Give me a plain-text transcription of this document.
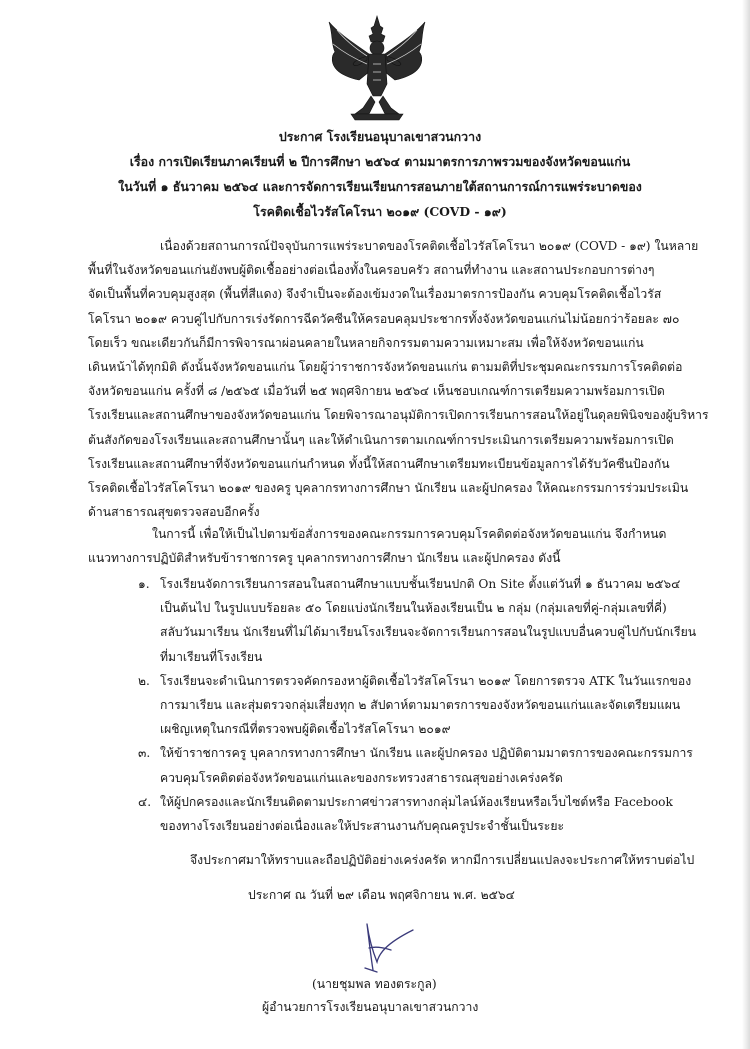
ประกาศ โรงเรียนอนุบาลเขาสวนกวาง
เรื่อง การเปิดเรียนภาคเรียนที่ ๒ ปีการศึกษา ๒๕๖๔ ตามมาตรการภาพรวมของจังหวัดขอนแก่น
ในวันที่ ๑ ธันวาคม ๒๕๖๔ และการจัดการเรียนเรียนการสอนภายใต้สถานการณ์การแพร่ระบาดของ
โรคติดเชื้อไวรัสโคโรนา ๒๐๑๙ (COVD - ๑๙)
เนื่องด้วยสถานการณ์ปัจจุบันการแพร่ระบาดของโรคติดเชื้อไวรัสโคโรนา ๒๐๑๙ (COVD - ๑๙) ในหลาย
พื้นที่ในจังหวัดขอนแก่นยังพบผู้ติดเชื้ออย่างต่อเนื่องทั้งในครอบครัว สถานที่ทำงาน และสถานประกอบการต่างๆ
จัดเป็นพื้นที่ควบคุมสูงสุด (พื้นที่สีแดง) จึงจำเป็นจะต้องเข้มงวดในเรื่องมาตรการป้องกัน ควบคุมโรคติดเชื้อไวรัส
โคโรนา ๒๐๑๙ ควบคู่ไปกับการเร่งรัดการฉีดวัคซีนให้ครอบคลุมประชากรทั้งจังหวัดขอนแก่นไม่น้อยกว่าร้อยละ ๗๐
โดยเร็ว ขณะเดียวกันก็มีการพิจารณาผ่อนคลายในหลายกิจกรรมตามความเหมาะสม เพื่อให้จังหวัดขอนแก่น
เดินหน้าได้ทุกมิติ ดังนั้นจังหวัดขอนแก่น โดยผู้ว่าราชการจังหวัดขอนแก่น ตามมติที่ประชุมคณะกรรมการโรคติดต่อ
จังหวัดขอนแก่น ครั้งที่ ๘ /๒๕๖๕ เมื่อวันที่ ๒๕ พฤศจิกายน ๒๕๖๔ เห็นชอบเกณฑ์การเตรียมความพร้อมการเปิด
โรงเรียนและสถานศึกษาของจังหวัดขอนแก่น โดยพิจารณาอนุมัติการเปิดการเรียนการสอนให้อยู่ในดุลยพินิจของผู้บริหาร
ต้นสังกัดของโรงเรียนและสถานศึกษานั้นๆ และให้ดำเนินการตามเกณฑ์การประเมินการเตรียมความพร้อมการเปิด
โรงเรียนและสถานศึกษาที่จังหวัดขอนแก่นกำหนด ทั้งนี้ให้สถานศึกษาเตรียมทะเบียนข้อมูลการได้รับวัคซีนป้องกัน
โรคติดเชื้อไวรัสโคโรนา ๒๐๑๙ ของครู บุคลากรทางการศึกษา นักเรียน และผู้ปกครอง ให้คณะกรรมการร่วมประเมิน
ด้านสาธารณสุขตรวจสอบอีกครั้ง
ในการนี้ เพื่อให้เป็นไปตามข้อสั่งการของคณะกรรมการควบคุมโรคติดต่อจังหวัดขอนแก่น จึงกำหนด
แนวทางการปฏิบัติสำหรับข้าราชการครู บุคลากรทางการศึกษา นักเรียน และผู้ปกครอง ดังนี้
๑. โรงเรียนจัดการเรียนการสอนในสถานศึกษาแบบชั้นเรียนปกติ On Site ตั้งแต่วันที่ ๑ ธันวาคม ๒๕๖๔
เป็นต้นไป ในรูปแบบร้อยละ ๕๐ โดยแบ่งนักเรียนในห้องเรียนเป็น ๒ กลุ่ม (กลุ่มเลขที่คู่-กลุ่มเลขที่คี่)
สลับวันมาเรียน นักเรียนที่ไม่ได้มาเรียนโรงเรียนจะจัดการเรียนการสอนในรูปแบบอื่นควบคู่ไปกับนักเรียน
ที่มาเรียนที่โรงเรียน
๒. โรงเรียนจะดำเนินการตรวจคัดกรองหาผู้ติดเชื้อไวรัสโคโรนา ๒๐๑๙ โดยการตรวจ ATK ในวันแรกของ
การมาเรียน และสุ่มตรวจกลุ่มเสี่ยงทุก ๒ สัปดาห์ตามมาตรการของจังหวัดขอนแก่นและจัดเตรียมแผน
เผชิญเหตุในกรณีที่ตรวจพบผู้ติดเชื้อไวรัสโคโรนา ๒๐๑๙
๓. ให้ข้าราชการครู บุคลากรทางการศึกษา นักเรียน และผู้ปกครอง ปฏิบัติตามมาตรการของคณะกรรมการ
ควบคุมโรคติดต่อจังหวัดขอนแก่นและของกระทรวงสาธารณสุขอย่างเคร่งครัด
๔. ให้ผู้ปกครองและนักเรียนติดตามประกาศข่าวสารทางกลุ่มไลน์ห้องเรียนหรือเว็บไซต์หรือ Facebook
ของทางโรงเรียนอย่างต่อเนื่องและให้ประสานงานกับคุณครูประจำชั้นเป็นระยะ
จึงประกาศมาให้ทราบและถือปฏิบัติอย่างเคร่งครัด หากมีการเปลี่ยนแปลงจะประกาศให้ทราบต่อไป
ประกาศ ณ วันที่ ๒๙ เดือน พฤศจิกายน พ.ศ. ๒๕๖๔
(นายชุมพล ทองตระกูล)
ผู้อำนวยการโรงเรียนอนุบาลเขาสวนกวาง
